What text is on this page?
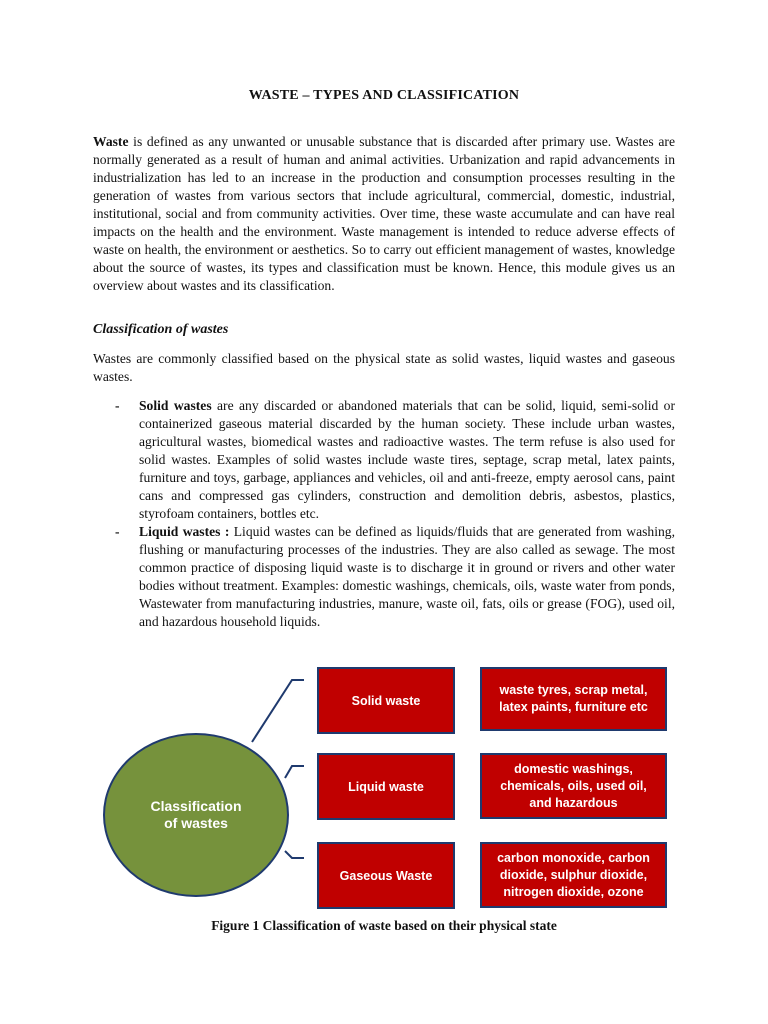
WASTE – TYPES AND CLASSIFICATION

Waste is defined as any unwanted or unusable substance that is discarded after primary use. Wastes are normally generated as a result of human and animal activities. Urbanization and rapid advancements in industrialization has led to an increase in the production and consumption processes resulting in the generation of wastes from various sectors that include agricultural, commercial, domestic, industrial, institutional, social and from community activities. Over time, these waste accumulate and can have real impacts on the health and the environment. Waste management is intended to reduce adverse effects of waste on health, the environment or aesthetics. So to carry out efficient management of wastes, knowledge about the source of wastes, its types and classification must be known. Hence, this module gives us an overview about wastes and its classification.

Classification of wastes

Wastes are commonly classified based on the physical state as solid wastes, liquid wastes and gaseous wastes.

- Solid wastes are any discarded or abandoned materials that can be solid, liquid, semi-solid or containerized gaseous material discarded by the human society. These include urban wastes, agricultural wastes, biomedical wastes and radioactive wastes. The term refuse is also used for solid wastes. Examples of solid wastes include waste tires, septage, scrap metal, latex paints, furniture and toys, garbage, appliances and vehicles, oil and anti-freeze, empty aerosol cans, paint cans and compressed gas cylinders, construction and demolition debris, asbestos, plastics, styrofoam containers, bottles etc.

- Liquid wastes : Liquid wastes can be defined as liquids/fluids that are generated from washing, flushing or manufacturing processes of the industries. They are also called as sewage. The most common practice of disposing liquid waste is to discharge it in ground or rivers and other water bodies without treatment. Examples: domestic washings, chemicals, oils, waste water from ponds, Wastewater from manufacturing industries, manure, waste oil, fats, oils or grease (FOG), used oil, and hazardous household liquids.

Classification
of wastes
Solid waste
Liquid waste
Gaseous Waste
waste tyres, scrap metal, latex paints, furniture etc
domestic washings, chemicals, oils, used oil, and hazardous
carbon monoxide, carbon dioxide, sulphur dioxide, nitrogen dioxide, ozone

Figure 1 Classification of waste based on their physical state
